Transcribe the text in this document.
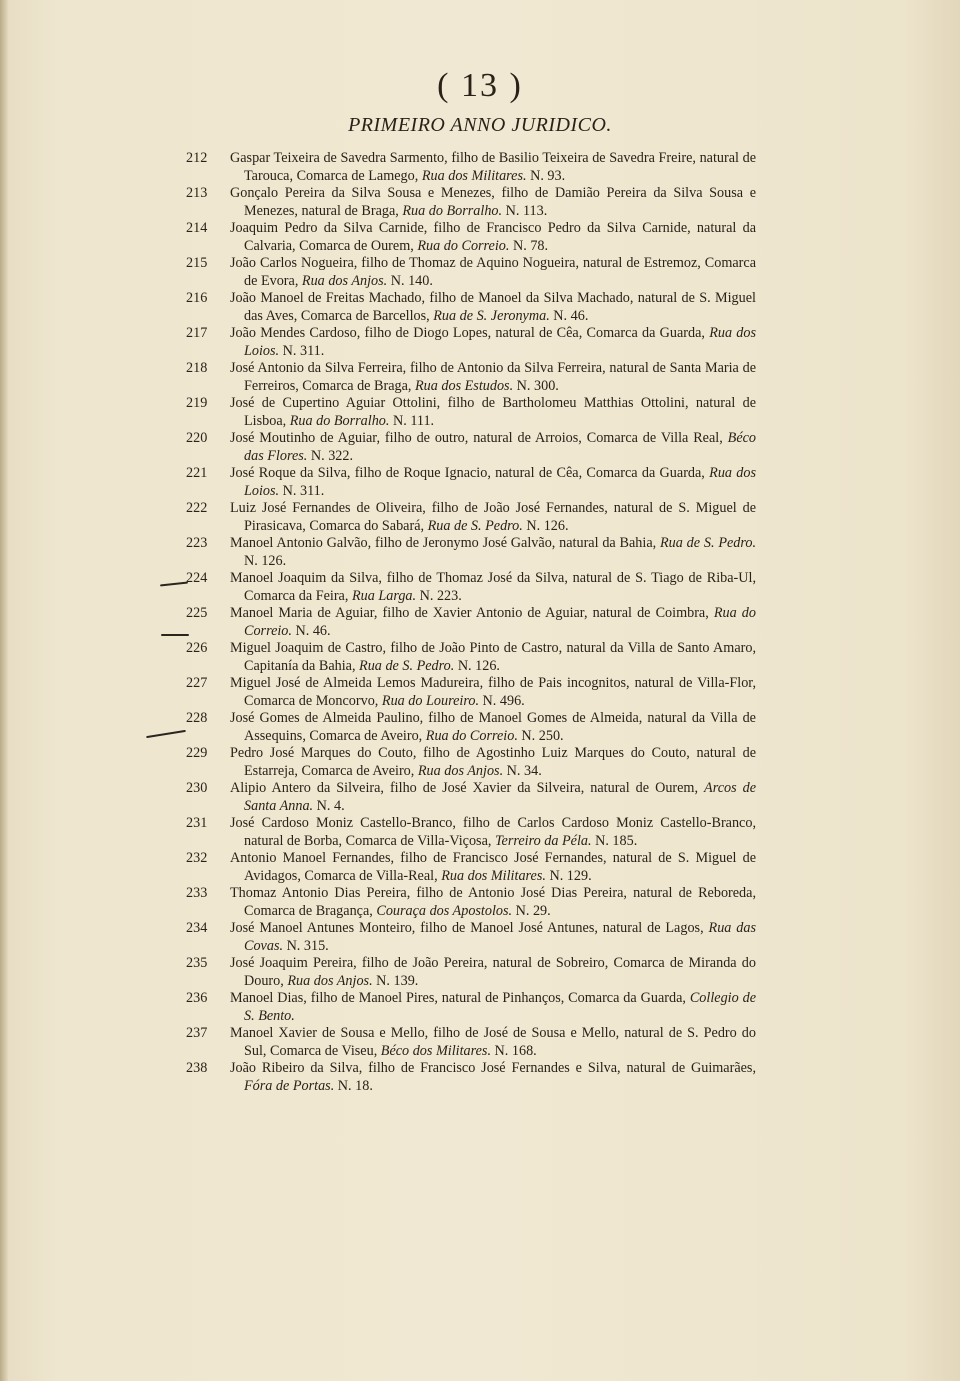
( 13 )
PRIMEIRO ANNO JURIDICO.
212	Gaspar Teixeira de Savedra Sarmento, filho de Basilio Teixeira de Savedra Freire, natural de Tarouca, Comarca de Lamego, Rua dos Militares. N. 93.
213	Gonçalo Pereira da Silva Sousa e Menezes, filho de Damião Pereira da Silva Sousa e Menezes, natural de Braga, Rua do Borralho. N. 113.
214	Joaquim Pedro da Silva Carnide, filho de Francisco Pedro da Silva Carnide, natural da Calvaria, Comarca de Ourem, Rua do Correio. N. 78.
215	João Carlos Nogueira, filho de Thomaz de Aquino Nogueira, natural de Estremoz, Comarca de Evora, Rua dos Anjos. N. 140.
216	João Manoel de Freitas Machado, filho de Manoel da Silva Machado, natural de S. Miguel das Aves, Comarca de Barcellos, Rua de S. Jeronyma. N. 46.
217	João Mendes Cardoso, filho de Diogo Lopes, natural de Cêa, Comarca da Guarda, Rua dos Loios. N. 311.
218	José Antonio da Silva Ferreira, filho de Antonio da Silva Ferreira, natural de Santa Maria de Ferreiros, Comarca de Braga, Rua dos Estudos. N. 300.
219	José de Cupertino Aguiar Ottolini, filho de Bartholomeu Matthias Ottolini, natural de Lisboa, Rua do Borralho. N. 111.
220	José Moutinho de Aguiar, filho de outro, natural de Arroios, Comarca de Villa Real, Béco das Flores. N. 322.
221	José Roque da Silva, filho de Roque Ignacio, natural de Cêa, Comarca da Guarda, Rua dos Loios. N. 311.
222	Luiz José Fernandes de Oliveira, filho de João José Fernandes, natural de S. Miguel de Pirasicava, Comarca do Sabará, Rua de S. Pedro. N. 126.
223	Manoel Antonio Galvão, filho de Jeronymo José Galvão, natural da Bahia, Rua de S. Pedro. N. 126.
224	Manoel Joaquim da Silva, filho de Thomaz José da Silva, natural de S. Tiago de Riba-Ul, Comarca da Feira, Rua Larga. N. 223.
225	Manoel Maria de Aguiar, filho de Xavier Antonio de Aguiar, natural de Coimbra, Rua do Correio. N. 46.
226	Miguel Joaquim de Castro, filho de João Pinto de Castro, natural da Villa de Santo Amaro, Capitanía da Bahia, Rua de S. Pedro. N. 126.
227	Miguel José de Almeida Lemos Madureira, filho de Pais incognitos, natural de Villa-Flor, Comarca de Moncorvo, Rua do Loureiro. N. 496.
228	José Gomes de Almeida Paulino, filho de Manoel Gomes de Almeida, natural da Villa de Assequins, Comarca de Aveiro, Rua do Correio. N. 250.
229	Pedro José Marques do Couto, filho de Agostinho Luiz Marques do Couto, natural de Estarreja, Comarca de Aveiro, Rua dos Anjos. N. 34.
230	Alipio Antero da Silveira, filho de José Xavier da Silveira, natural de Ourem, Arcos de Santa Anna. N. 4.
231	José Cardoso Moniz Castello-Branco, filho de Carlos Cardoso Moniz Castello-Branco, natural de Borba, Comarca de Villa-Viçosa, Terreiro da Péla. N. 185.
232	Antonio Manoel Fernandes, filho de Francisco José Fernandes, natural de S. Miguel de Avidagos, Comarca de Villa-Real, Rua dos Militares. N. 129.
233	Thomaz Antonio Dias Pereira, filho de Antonio José Dias Pereira, natural de Reboreda, Comarca de Bragança, Couraça dos Apostolos. N. 29.
234	José Manoel Antunes Monteiro, filho de Manoel José Antunes, natural de Lagos, Rua das Covas. N. 315.
235	José Joaquim Pereira, filho de João Pereira, natural de Sobreiro, Comarca de Miranda do Douro, Rua dos Anjos. N. 139.
236	Manoel Dias, filho de Manoel Pires, natural de Pinhanços, Comarca da Guarda, Collegio de S. Bento.
237	Manoel Xavier de Sousa e Mello, filho de José de Sousa e Mello, natural de S. Pedro do Sul, Comarca de Viseu, Béco dos Militares. N. 168.
238	João Ribeiro da Silva, filho de Francisco José Fernandes e Silva, natural de Guimarães, Fóra de Portas. N. 18.
